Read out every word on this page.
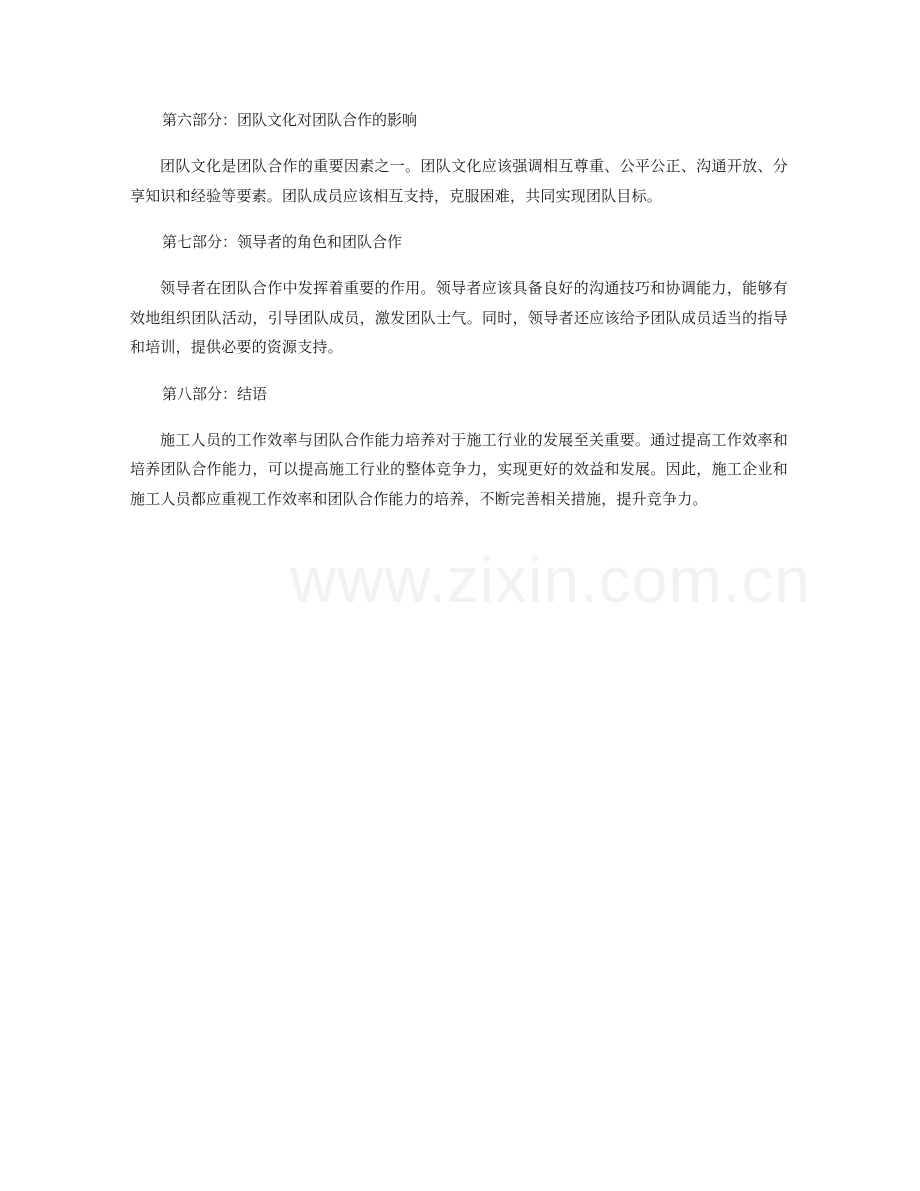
www.zixin.com.cn

第六部分：团队文化对团队合作的影响

团队文化是团队合作的重要因素之一。团队文化应该强调相互尊重、公平公正、沟通开放、分享知识和经验等要素。团队成员应该相互支持，克服困难，共同实现团队目标。

第七部分：领导者的角色和团队合作

领导者在团队合作中发挥着重要的作用。领导者应该具备良好的沟通技巧和协调能力，能够有效地组织团队活动，引导团队成员，激发团队士气。同时，领导者还应该给予团队成员适当的指导和培训，提供必要的资源支持。

第八部分：结语

施工人员的工作效率与团队合作能力培养对于施工行业的发展至关重要。通过提高工作效率和培养团队合作能力，可以提高施工行业的整体竞争力，实现更好的效益和发展。因此，施工企业和施工人员都应重视工作效率和团队合作能力的培养，不断完善相关措施，提升竞争力。
